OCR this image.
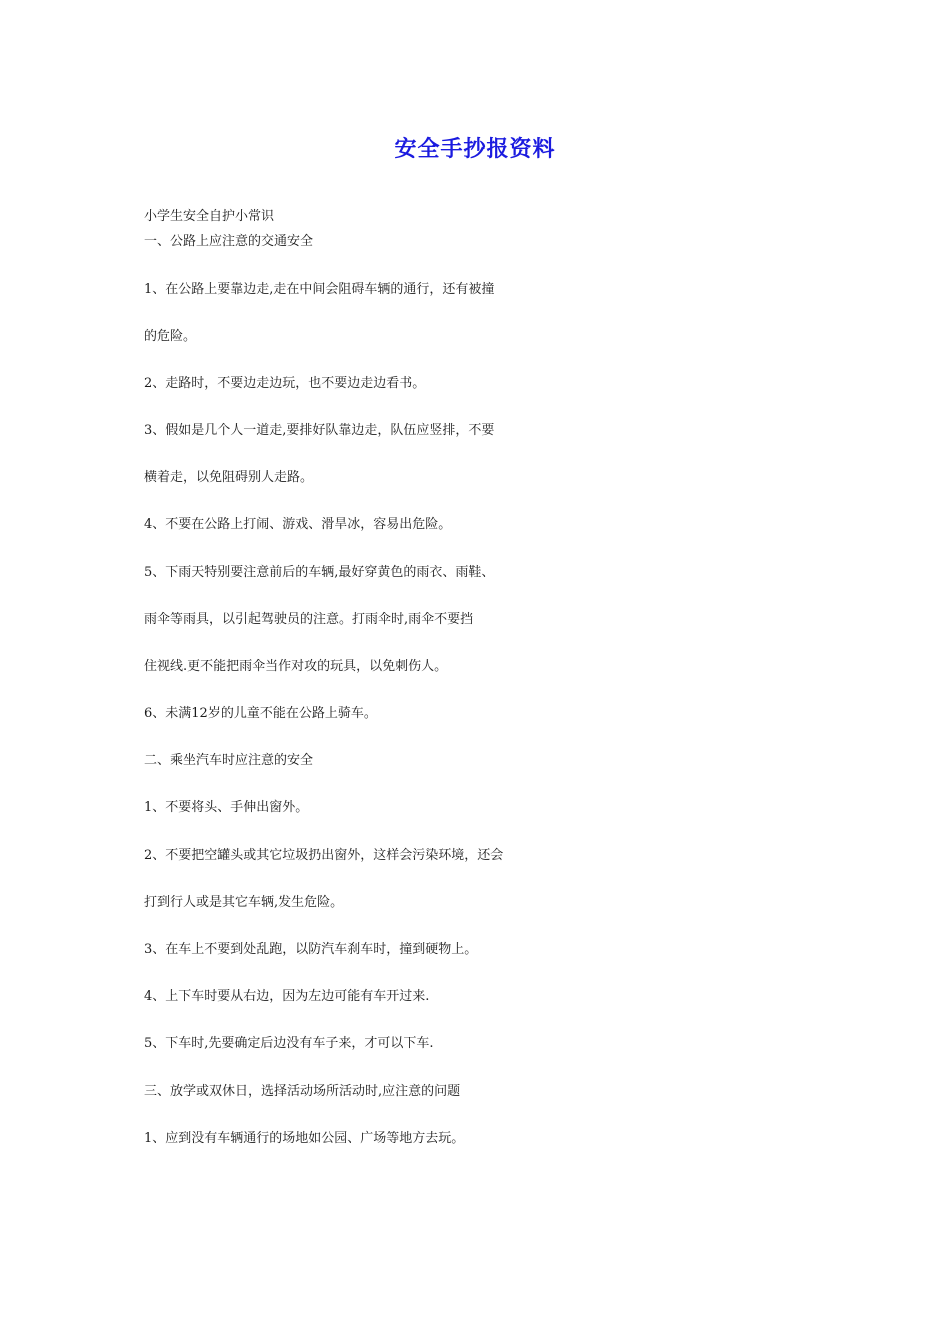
安全手抄报资料
小学生安全自护小常识
一、公路上应注意的交通安全
1、在公路上要靠边走,走在中间会阻碍车辆的通行，还有被撞
的危险。
2、走路时，不要边走边玩，也不要边走边看书。
3、假如是几个人一道走,要排好队靠边走，队伍应竖排，不要
横着走，以免阻碍别人走路。
4、不要在公路上打闹、游戏、滑旱冰，容易出危险。
5、下雨天特别要注意前后的车辆,最好穿黄色的雨衣、雨鞋、
雨伞等雨具，以引起驾驶员的注意。打雨伞时,雨伞不要挡
住视线.更不能把雨伞当作对攻的玩具，以免刺伤人。
6、未满12岁的儿童不能在公路上骑车。
二、乘坐汽车时应注意的安全
1、不要将头、手伸出窗外。
2、不要把空罐头或其它垃圾扔出窗外，这样会污染环境，还会
打到行人或是其它车辆,发生危险。
3、在车上不要到处乱跑，以防汽车刹车时，撞到硬物上。
4、上下车时要从右边，因为左边可能有车开过来.
5、下车时,先要确定后边没有车子来，才可以下车.
三、放学或双休日，选择活动场所活动时,应注意的问题
1、应到没有车辆通行的场地如公园、广场等地方去玩。
